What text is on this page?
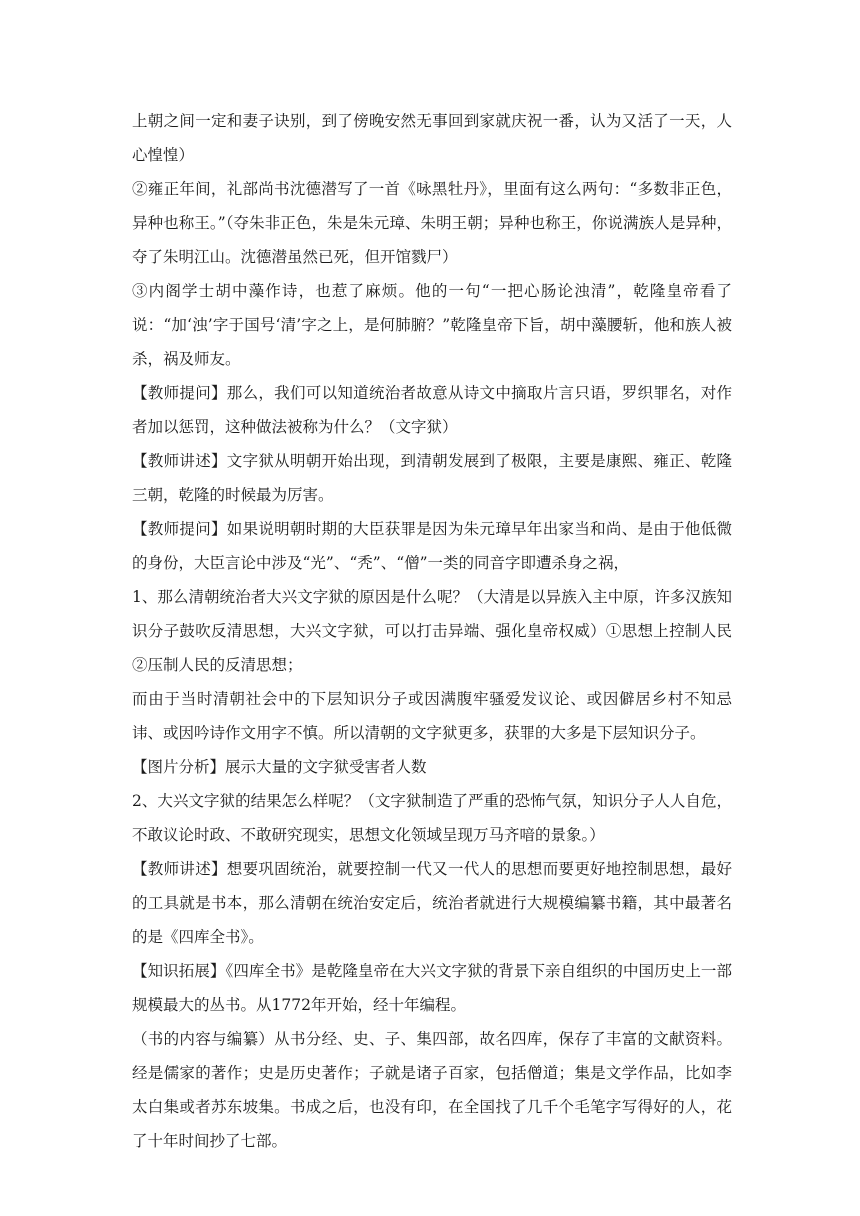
上朝之间一定和妻子诀别，到了傍晚安然无事回到家就庆祝一番，认为又活了一天，人心惶惶）

②雍正年间，礼部尚书沈德潜写了一首《咏黑牡丹》，里面有这么两句：“多数非正色，异种也称王。”（夺朱非正色，朱是朱元璋、朱明王朝；异种也称王，你说满族人是异种，夺了朱明江山。沈德潜虽然已死，但开馆戮尸）

③内阁学士胡中藻作诗，也惹了麻烦。他的一句“一把心肠论浊清”，乾隆皇帝看了说：“加‘浊’字于国号‘清’字之上，是何肺腑？”乾隆皇帝下旨，胡中藻腰斩，他和族人被杀，祸及师友。

【教师提问】那么，我们可以知道统治者故意从诗文中摘取片言只语，罗织罪名，对作者加以惩罚，这种做法被称为什么？（文字狱）

【教师讲述】文字狱从明朝开始出现，到清朝发展到了极限，主要是康熙、雍正、乾隆三朝，乾隆的时候最为厉害。

【教师提问】如果说明朝时期的大臣获罪是因为朱元璋早年出家当和尚、是由于他低微的身份，大臣言论中涉及“光”、“秃”、“僧”一类的同音字即遭杀身之祸，

1、那么清朝统治者大兴文字狱的原因是什么呢？（大清是以异族入主中原，许多汉族知识分子鼓吹反清思想，大兴文字狱，可以打击异端、强化皇帝权威）①思想上控制人民②压制人民的反清思想；

而由于当时清朝社会中的下层知识分子或因满腹牢骚爱发议论、或因僻居乡村不知忌讳、或因吟诗作文用字不慎。所以清朝的文字狱更多，获罪的大多是下层知识分子。

【图片分析】展示大量的文字狱受害者人数

2、大兴文字狱的结果怎么样呢？（文字狱制造了严重的恐怖气氛，知识分子人人自危，不敢议论时政、不敢研究现实，思想文化领域呈现万马齐喑的景象。）

【教师讲述】想要巩固统治，就要控制一代又一代人的思想而要更好地控制思想，最好的工具就是书本，那么清朝在统治安定后，统治者就进行大规模编纂书籍，其中最著名的是《四库全书》。

【知识拓展】《四库全书》是乾隆皇帝在大兴文字狱的背景下亲自组织的中国历史上一部规模最大的丛书。从1772年开始，经十年编程。

（书的内容与编纂）从书分经、史、子、集四部，故名四库，保存了丰富的文献资料。经是儒家的著作；史是历史著作；子就是诸子百家，包括僧道；集是文学作品，比如李太白集或者苏东坡集。书成之后，也没有印，在全国找了几千个毛笔字写得好的人，花了十年时间抄了七部。
